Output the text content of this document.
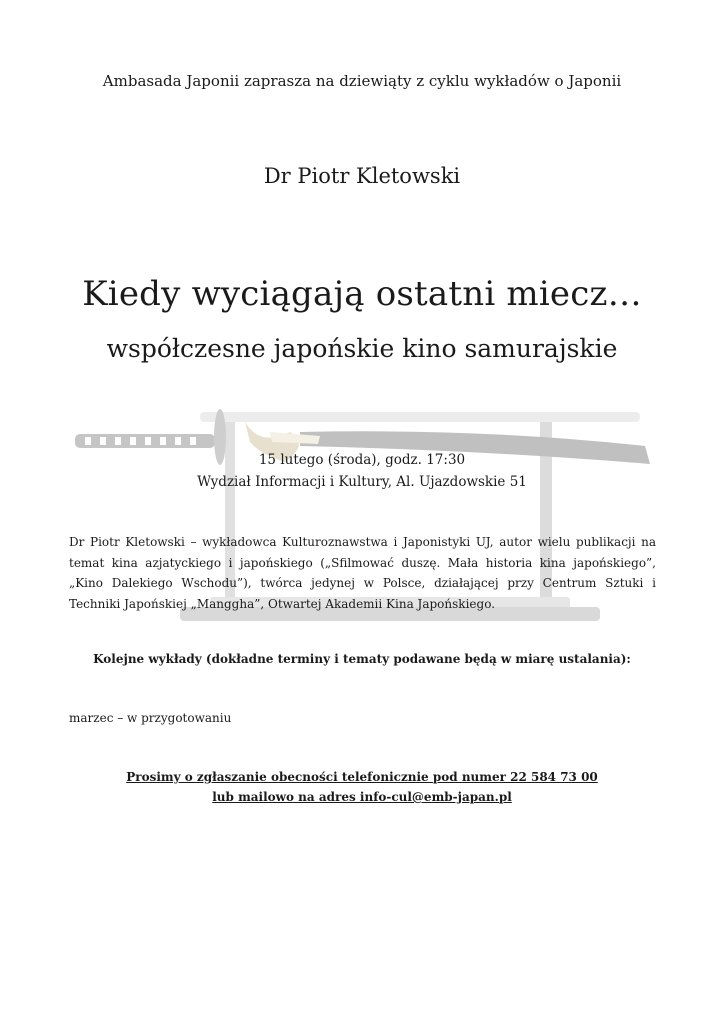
Ambasada Japonii zaprasza na dziewiąty z cyklu wykładów o Japonii
Dr Piotr Kletowski
Kiedy wyciągają ostatni miecz…
współczesne japońskie kino samurajskie
15 lutego (środa), godz. 17:30
Wydział Informacji i Kultury, Al. Ujazdowskie 51

Dr Piotr Kletowski – wykładowca Kulturoznawstwa i Japonistyki UJ, autor wielu publikacji na temat kina azjatyckiego i japońskiego („Sfilmować duszę. Mała historia kina japońskiego”, „Kino Dalekiego Wschodu”), twórca jedynej w Polsce, działającej przy Centrum Sztuki i Techniki Japońskiej „Manggha”, Otwartej Akademii Kina Japońskiego.

Kolejne wykłady (dokładne terminy i tematy podawane będą w miarę ustalania):

marzec – w przygotowaniu

Prosimy o zgłaszanie obecności telefonicznie pod numer 22 584 73 00
lub mailowo na adres info-cul@emb-japan.pl
